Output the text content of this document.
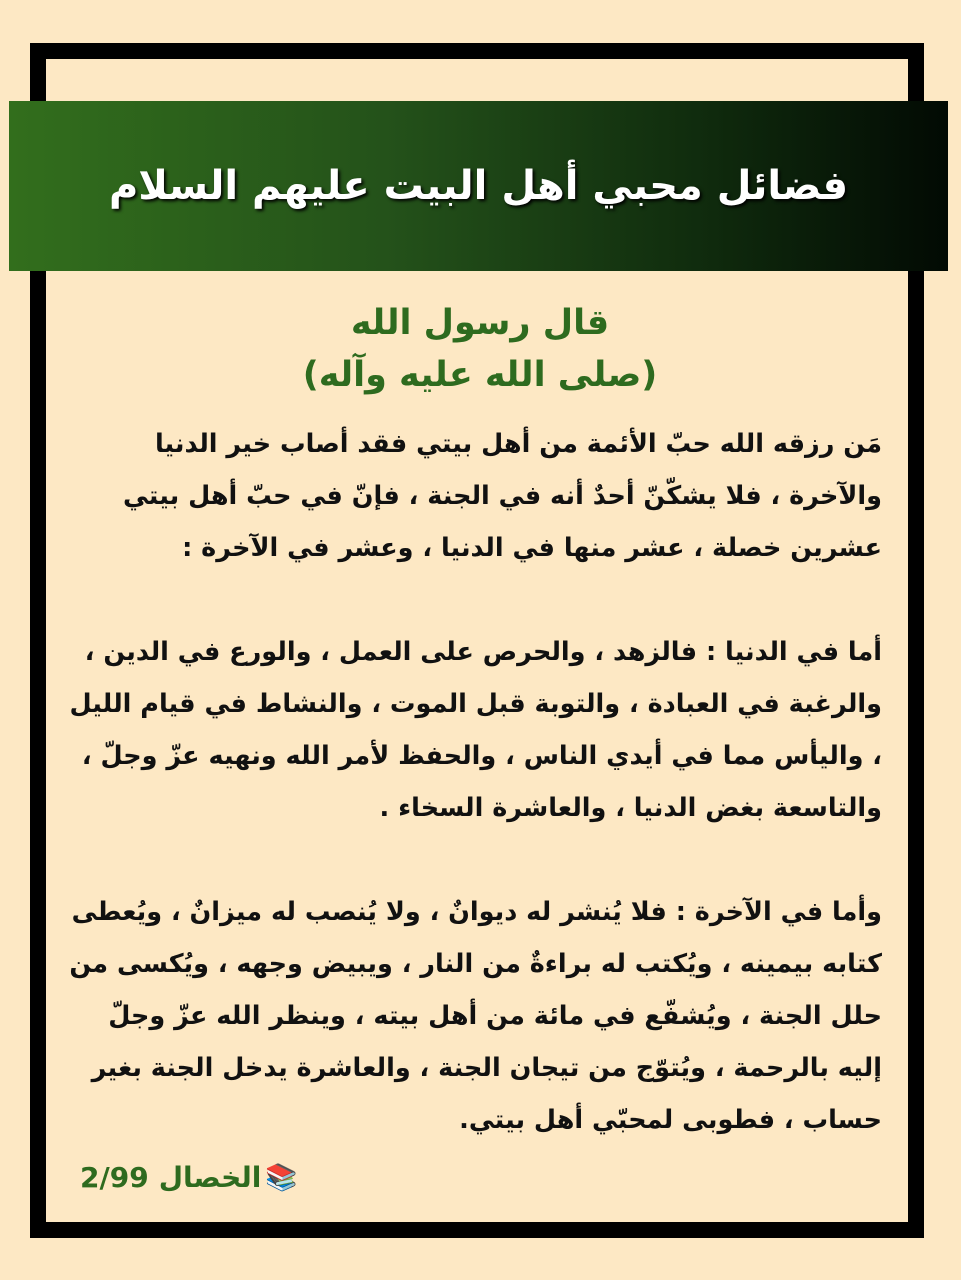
فضائل محبي أهل البيت عليهم السلام
قال رسول الله
(صلى الله عليه وآله)

مَن رزقه الله حبّ الأئمة من أهل بيتي فقد أصاب خير الدنيا والآخرة ، فلا يشكّنّ أحدٌ أنه في الجنة ، فإنّ في حبّ أهل بيتي عشرين خصلة ، عشر منها في الدنيا ، وعشر في الآخرة :

أما في الدنيا : فالزهد ، والحرص على العمل ، والورع في الدين ، والرغبة في العبادة ، والتوبة قبل الموت ، والنشاط في قيام الليل ، واليأس مما في أيدي الناس ، والحفظ لأمر الله ونهيه عزّ وجلّ ، والتاسعة بغض الدنيا ، والعاشرة السخاء .

وأما في الآخرة : فلا يُنشر له ديوانٌ ، ولا يُنصب له ميزانٌ ، ويُعطى كتابه بيمينه ، ويُكتب له براءةٌ من النار ، ويبيض وجهه ، ويُكسى من حلل الجنة ، ويُشفّع في مائة من أهل بيته ، وينظر الله عزّ وجلّ إليه بالرحمة ، ويُتوّج من تيجان الجنة ، والعاشرة يدخل الجنة بغير حساب ، فطوبى لمحبّي أهل بيتي.

📚
الخصال
2/99
